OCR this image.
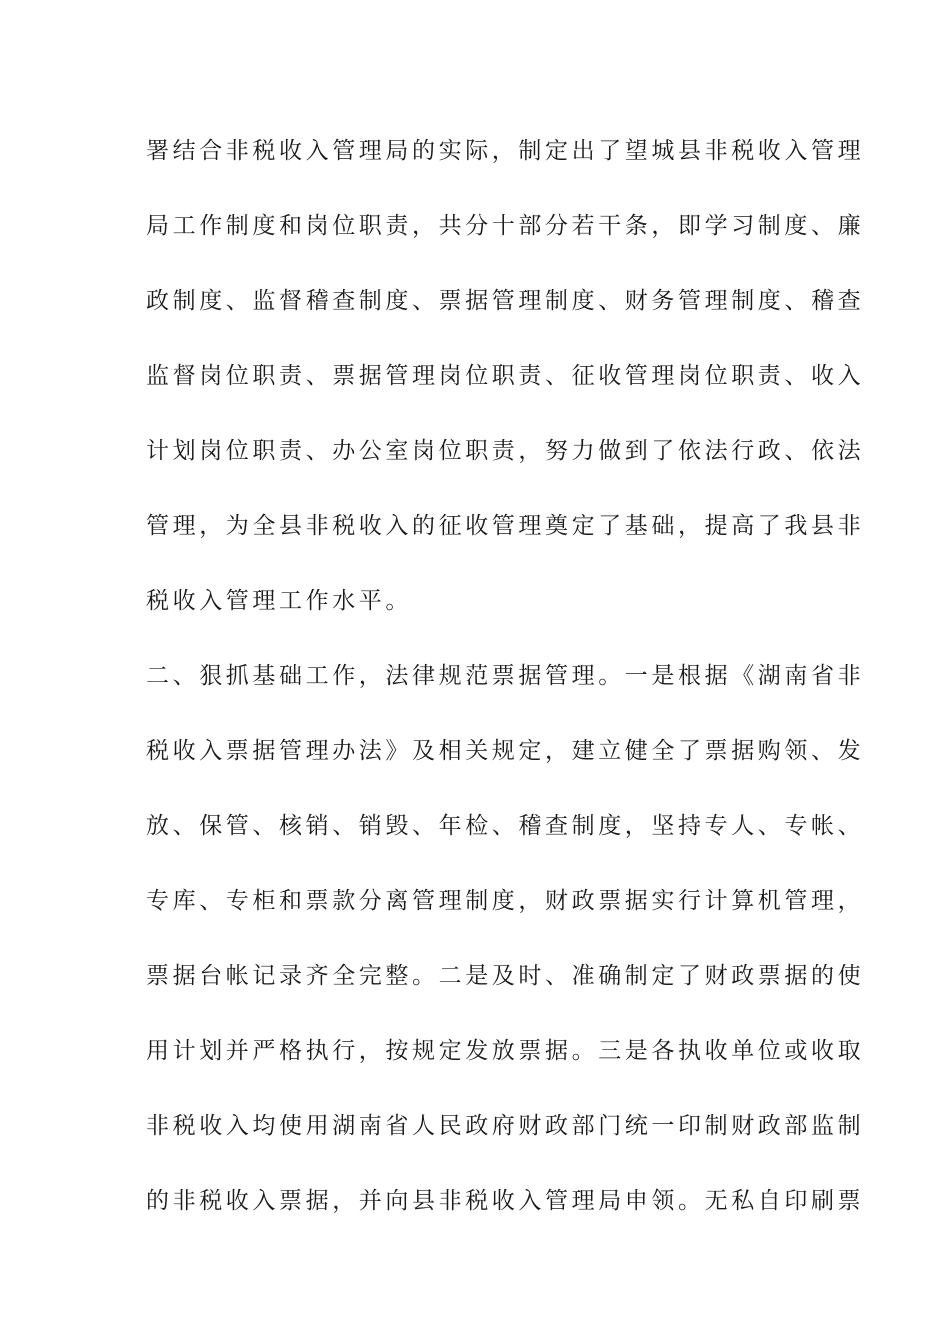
署结合非税收入管理局的实际，制定出了望城县非税收入管理
局工作制度和岗位职责，共分十部分若干条，即学习制度、廉
政制度、监督稽查制度、票据管理制度、财务管理制度、稽查
监督岗位职责、票据管理岗位职责、征收管理岗位职责、收入
计划岗位职责、办公室岗位职责，努力做到了依法行政、依法
管理，为全县非税收入的征收管理奠定了基础，提高了我县非
税收入管理工作水平。
二、狠抓基础工作，法律规范票据管理。一是根据《湖南省非
税收入票据管理办法》及相关规定，建立健全了票据购领、发
放、保管、核销、销毁、年检、稽查制度，坚持专人、专帐、
专库、专柜和票款分离管理制度，财政票据实行计算机管理，
票据台帐记录齐全完整。二是及时、准确制定了财政票据的使
用计划并严格执行，按规定发放票据。三是各执收单位或收取
非税收入均使用湖南省人民政府财政部门统一印制财政部监制
的非税收入票据，并向县非税收入管理局申领。无私自印刷票
